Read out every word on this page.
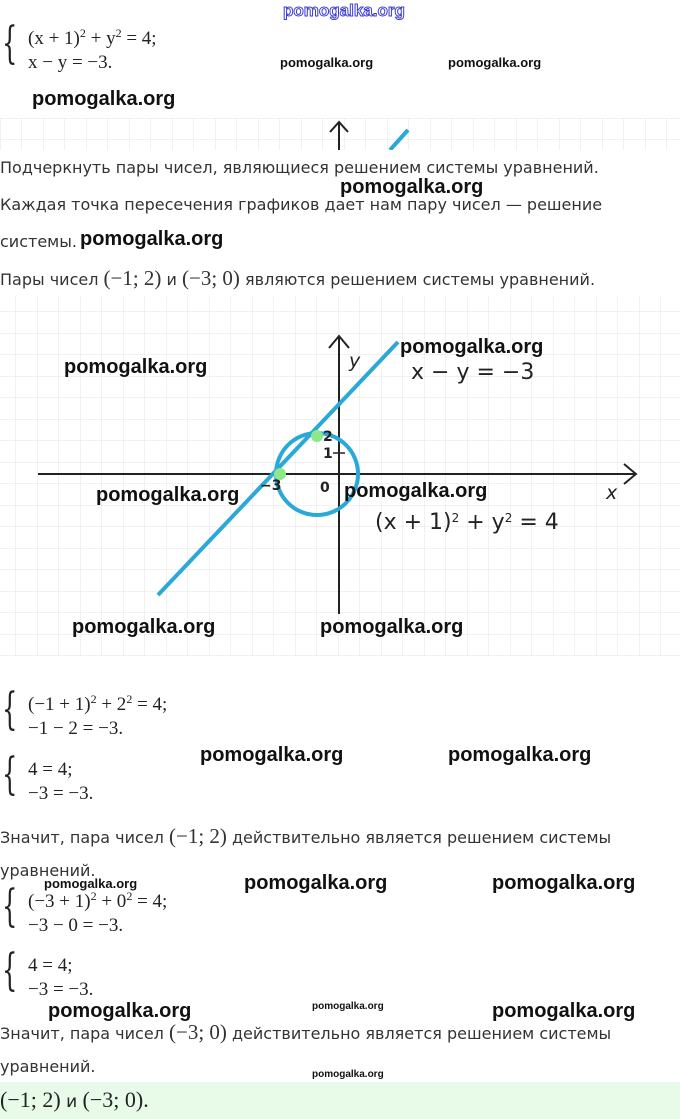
pomogalka.org
{ $(x + 1)^2 + y^2 = 4$;
x − y = −3.	pomogalka.org	pomogalka.org
pomogalka.org
Подчеркнуть пары чисел, являющиеся решением системы уравнений.
pomogalka.org
Каждая точка пересечения графиков дает нам пару чисел — решение
системы. pomogalka.org
Пары чисел (−1; 2) и (−3; 0) являются решением системы уравнений.
y
x
x − y = −3
$(x + 1)^2 + y^2 = 4$
2
1
0
−3
pomogalka.org
pomogalka.org
pomogalka.org	pomogalka.org
pomogalka.org	pomogalka.org
{ $(-1 + 1)^2 + 2^2 = 4$;
−1 − 2 = −3.
{ 4 = 4;
−3 = −3.
pomogalka.org	pomogalka.org
Значит, пара чисел (−1; 2) действительно является решением системы
уравнений.
{ $(-3 + 1)^2 + 0^2 = 4$;
−3 − 0 = −3.
{ 4 = 4;
−3 = −3.
pomogalka.org	pomogalka.org	pomogalka.org
pomogalka.org	pomogalka.org	pomogalka.org
Значит, пара чисел (−3; 0) действительно является решением системы
уравнений.	pomogalka.org
(−1; 2) и (−3; 0).
